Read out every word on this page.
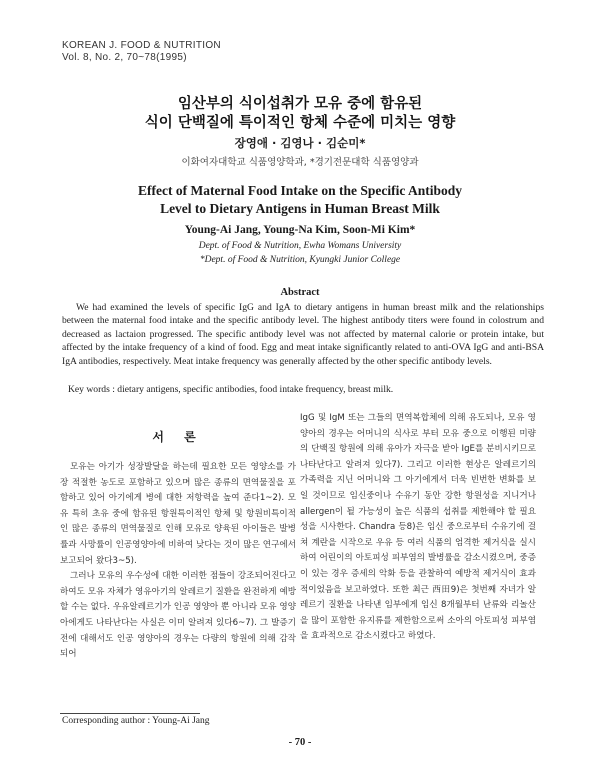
KOREAN J. FOOD & NUTRITION
Vol. 8, No. 2, 70~78(1995)
임산부의 식이섭취가 모유 중에 함유된
식이 단백질에 특이적인 항체 수준에 미치는 영향
장영애 · 김영나 · 김순미*
이화여자대학교 식품영양학과, *경기전문대학 식품영양과
Effect of Maternal Food Intake on the Specific Antibody
Level to Dietary Antigens in Human Breast Milk
Young-Ai Jang, Young-Na Kim, Soon-Mi Kim*
Dept. of Food & Nutrition, Ewha Womans University
*Dept. of Food & Nutrition, Kyungki Junior College
Abstract

We had examined the levels of specific IgG and IgA to dietary antigens in human breast milk and the relationships between the maternal food intake and the specific antibody level. The highest antibody titers were found in colostrum and decreased as lactaion progressed. The specific antibody level was not affected by maternal calorie or protein intake, but affected by the intake frequency of a kind of food. Egg and meat intake significantly related to anti-OVA IgG and anti-BSA IgA antibodies, respectively. Meat intake frequency was generally affected by the other specific antibody levels.

Key words : dietary antigens, specific antibodies, food intake frequency, breast milk.
서 론

모유는 아기가 성장발달을 하는데 필요한 모든 영양소를 가장 적절한 농도로 포함하고 있으며 많은 종류의 면역물질을 포함하고 있어 아기에게 병에 대한 저항력을 높여 준다1~2). 모유 특히 초유 중에 함유된 항원특이적인 항체 및 항원비특이적인 많은 종류의 면역물질로 인해 모유로 양육된 아이들은 발병률과 사망률이 인공영양아에 비하여 낮다는 것이 많은 연구에서 보고되어 왔다3~5).

그러나 모유의 우수성에 대한 이러한 점들이 강조되어진다고 하여도 모유 자체가 영유아기의 알레르기 질환을 완전하게 예방할 수는 없다. 우유알레르기가 인공 영양아 뿐 아니라 모유 영양아에게도 나타난다는 사실은 이미 알려져 있다6~7). 그 발증기전에 대해서도 인공 영양아의 경우는 다량의 항원에 의해 감작되어

IgG 및 IgM 또는 그들의 면역복합체에 의해 유도되나, 모유 영양아의 경우는 어머니의 식사로 부터 모유 중으로 이행된 미량의 단백질 항원에 의해 유아가 자극을 받아 IgE를 분비시키므로 나타난다고 알려져 있다7). 그리고 이러한 현상은 알레르기의 가족력을 지닌 어머니와 그 아기에게서 더욱 빈번한 변화를 보일 것이므로 임신중이나 수유기 동안 강한 항원성을 지니거나 allergen이 될 가능성이 높은 식품의 섭취를 제한해야 할 필요성을 시사한다. Chandra 등8)은 임신 중으로부터 수유기에 걸쳐 계란을 시작으로 우유 등 여러 식품의 엄격한 제거식을 실시하여 어린이의 아토피성 피부염의 발병률을 감소시켰으며, 중증이 있는 경우 증세의 악화 등을 관찰하여 예방적 제거식이 효과적이었음을 보고하였다. 또한 최근 西田9)은 첫번째 자녀가 알레르기 질환을 나타낸 임부에게 임신 8개월부터 난류와 리놀산을 많이 포함한 유지류를 제한함으로써 소아의 아토피성 피부염을 효과적으로 감소시켰다고 하였다.

Corresponding author : Young-Ai Jang
- 70 -
